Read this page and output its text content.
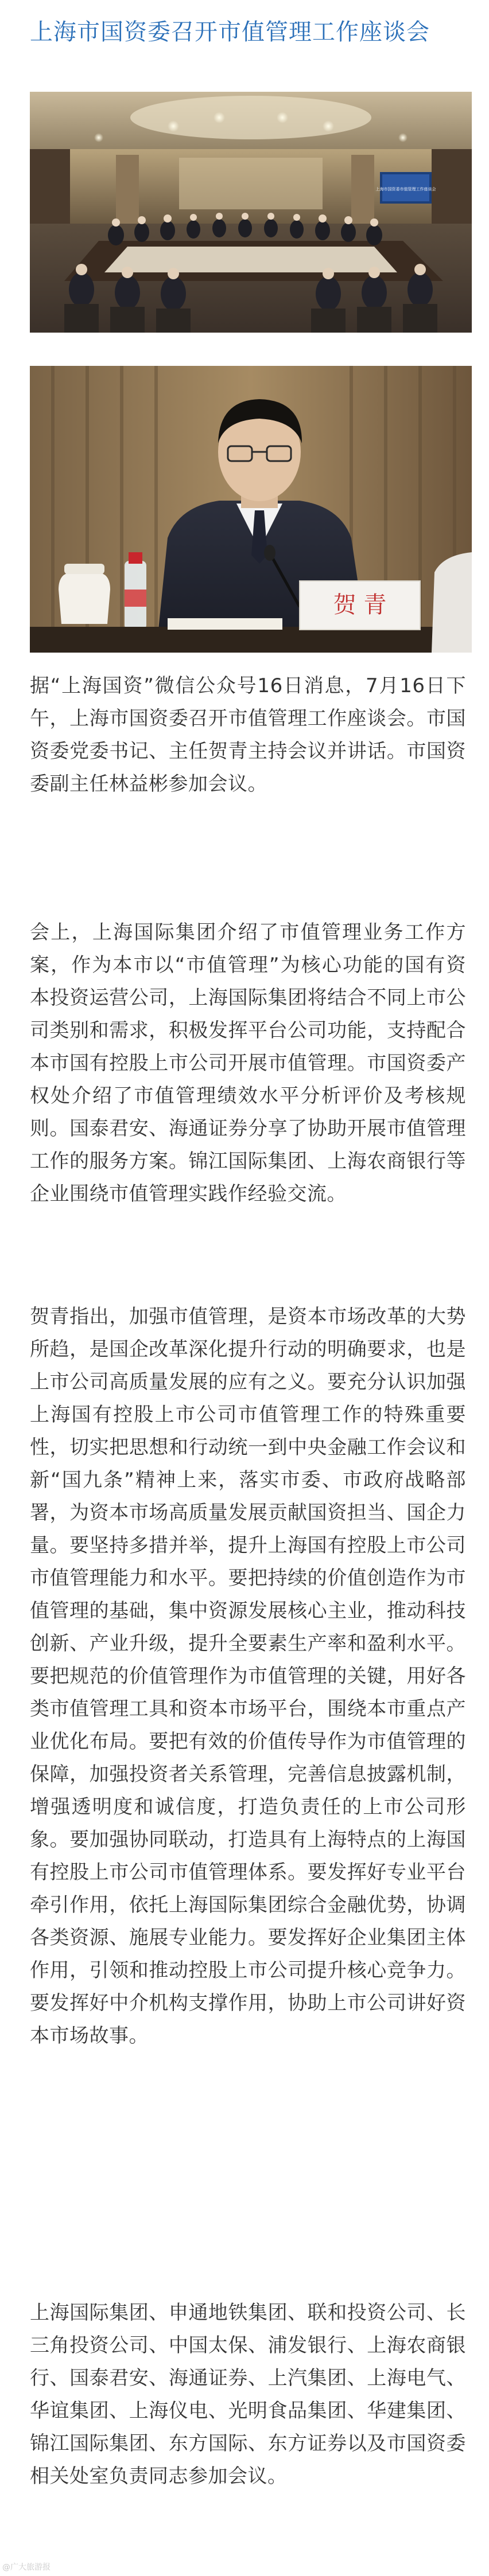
上海市国资委召开市值管理工作座谈会
上海市国资委市值管理工作座谈会
贺 青

据“上海国资”微信公众号16日消息，7月16日下午，上海市国资委召开市值管理工作座谈会。市国资委党委书记、主任贺青主持会议并讲话。市国资委副主任林益彬参加会议。

会上，上海国际集团介绍了市值管理业务工作方案，作为本市以“市值管理”为核心功能的国有资本投资运营公司，上海国际集团将结合不同上市公司类别和需求，积极发挥平台公司功能，支持配合本市国有控股上市公司开展市值管理。市国资委产权处介绍了市值管理绩效水平分析评价及考核规则。国泰君安、海通证券分享了协助开展市值管理工作的服务方案。锦江国际集团、上海农商银行等企业围绕市值管理实践作经验交流。

贺青指出，加强市值管理，是资本市场改革的大势所趋，是国企改革深化提升行动的明确要求，也是上市公司高质量发展的应有之义。要充分认识加强上海国有控股上市公司市值管理工作的特殊重要性，切实把思想和行动统一到中央金融工作会议和新“国九条”精神上来，落实市委、市政府战略部署，为资本市场高质量发展贡献国资担当、国企力量。要坚持多措并举，提升上海国有控股上市公司市值管理能力和水平。要把持续的价值创造作为市值管理的基础，集中资源发展核心主业，推动科技创新、产业升级，提升全要素生产率和盈利水平。要把规范的价值管理作为市值管理的关键，用好各类市值管理工具和资本市场平台，围绕本市重点产业优化布局。要把有效的价值传导作为市值管理的保障，加强投资者关系管理，完善信息披露机制，增强透明度和诚信度，打造负责任的上市公司形象。要加强协同联动，打造具有上海特点的上海国有控股上市公司市值管理体系。要发挥好专业平台牵引作用，依托上海国际集团综合金融优势，协调各类资源、施展专业能力。要发挥好企业集团主体作用，引领和推动控股上市公司提升核心竞争力。要发挥好中介机构支撑作用，协助上市公司讲好资本市场故事。

上海国际集团、申通地铁集团、联和投资公司、长三角投资公司、中国太保、浦发银行、上海农商银行、国泰君安、海通证券、上汽集团、上海电气、华谊集团、上海仪电、光明食品集团、华建集团、锦江国际集团、东方国际、东方证券以及市国资委相关处室负责同志参加会议。

@广大旅游报
